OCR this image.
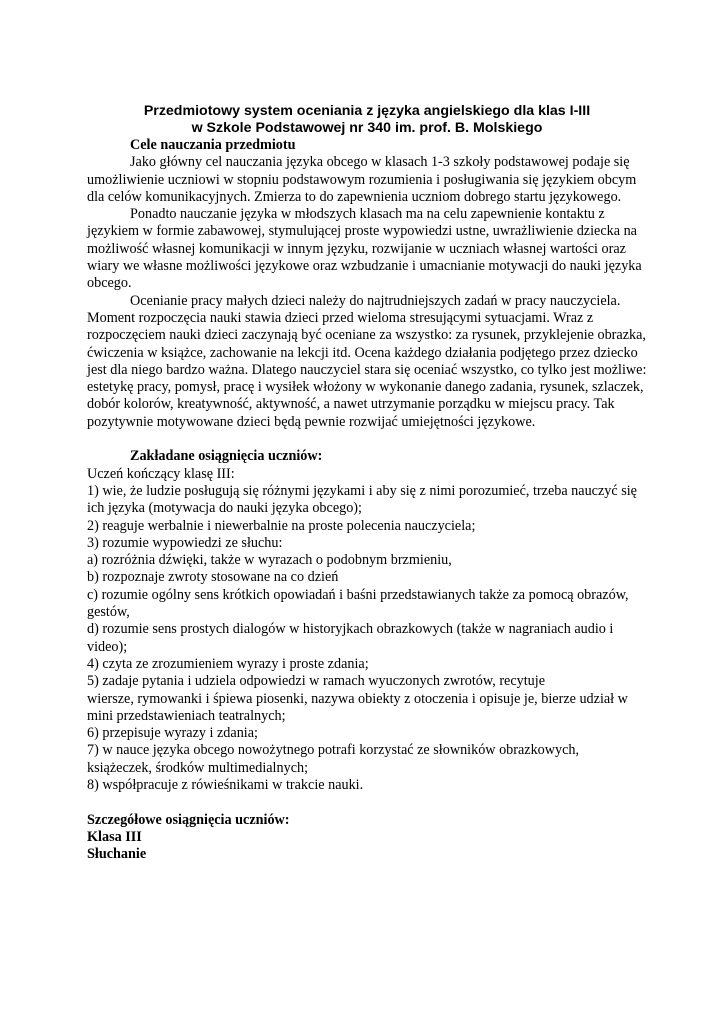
Przedmiotowy system oceniania z języka angielskiego dla klas I-III

w Szkole Podstawowej nr 340 im. prof. B. Molskiego

Cele nauczania przedmiotu

Jako główny cel nauczania języka obcego w klasach 1-3 szkoły podstawowej podaje się umożliwienie uczniowi w stopniu podstawowym rozumienia i posługiwania się językiem obcym dla celów komunikacyjnych. Zmierza to do zapewnienia uczniom dobrego startu językowego.

Ponadto nauczanie języka w młodszych klasach ma na celu zapewnienie kontaktu z językiem w formie zabawowej, stymulującej proste wypowiedzi ustne, uwrażliwienie dziecka na możliwość własnej komunikacji w innym języku, rozwijanie w uczniach własnej wartości oraz wiary we własne możliwości językowe oraz wzbudzanie i umacnianie motywacji do nauki języka obcego.

Ocenianie pracy małych dzieci należy do najtrudniejszych zadań w pracy nauczyciela. Moment rozpoczęcia nauki stawia dzieci przed wieloma stresującymi sytuacjami. Wraz z rozpoczęciem nauki dzieci zaczynają być oceniane za wszystko: za rysunek, przyklejenie obrazka, ćwiczenia w książce, zachowanie na lekcji itd. Ocena każdego działania podjętego przez dziecko jest dla niego bardzo ważna. Dlatego nauczyciel stara się oceniać wszystko, co tylko jest możliwe: estetykę pracy, pomysł, pracę i wysiłek włożony w wykonanie danego zadania, rysunek, szlaczek, dobór kolorów, kreatywność, aktywność, a nawet utrzymanie porządku w miejscu pracy. Tak pozytywnie motywowane dzieci będą pewnie rozwijać umiejętności językowe.

Zakładane osiągnięcia uczniów:

Uczeń kończący klasę III:

1) wie, że ludzie posługują się różnymi językami i aby się z nimi porozumieć, trzeba nauczyć się ich języka (motywacja do nauki języka obcego);

2) reaguje werbalnie i niewerbalnie na proste polecenia nauczyciela;

3) rozumie wypowiedzi ze słuchu:

a) rozróżnia dźwięki, także w wyrazach o podobnym brzmieniu,

b) rozpoznaje zwroty stosowane na co dzień

c) rozumie ogólny sens krótkich opowiadań i baśni przedstawianych także za pomocą obrazów, gestów,

d) rozumie sens prostych dialogów w historyjkach obrazkowych (także w nagraniach audio i video);

4) czyta ze zrozumieniem wyrazy i proste zdania;

5) zadaje pytania i udziela odpowiedzi w ramach wyuczonych zwrotów, recytuje

wiersze, rymowanki i śpiewa piosenki, nazywa obiekty z otoczenia i opisuje je, bierze udział w mini przedstawieniach teatralnych;

6) przepisuje wyrazy i zdania;

7) w nauce języka obcego nowożytnego potrafi korzystać ze słowników obrazkowych, książeczek, środków multimedialnych;

8) współpracuje z rówieśnikami w trakcie nauki.

Szczegółowe osiągnięcia uczniów:

Klasa III

Słuchanie
